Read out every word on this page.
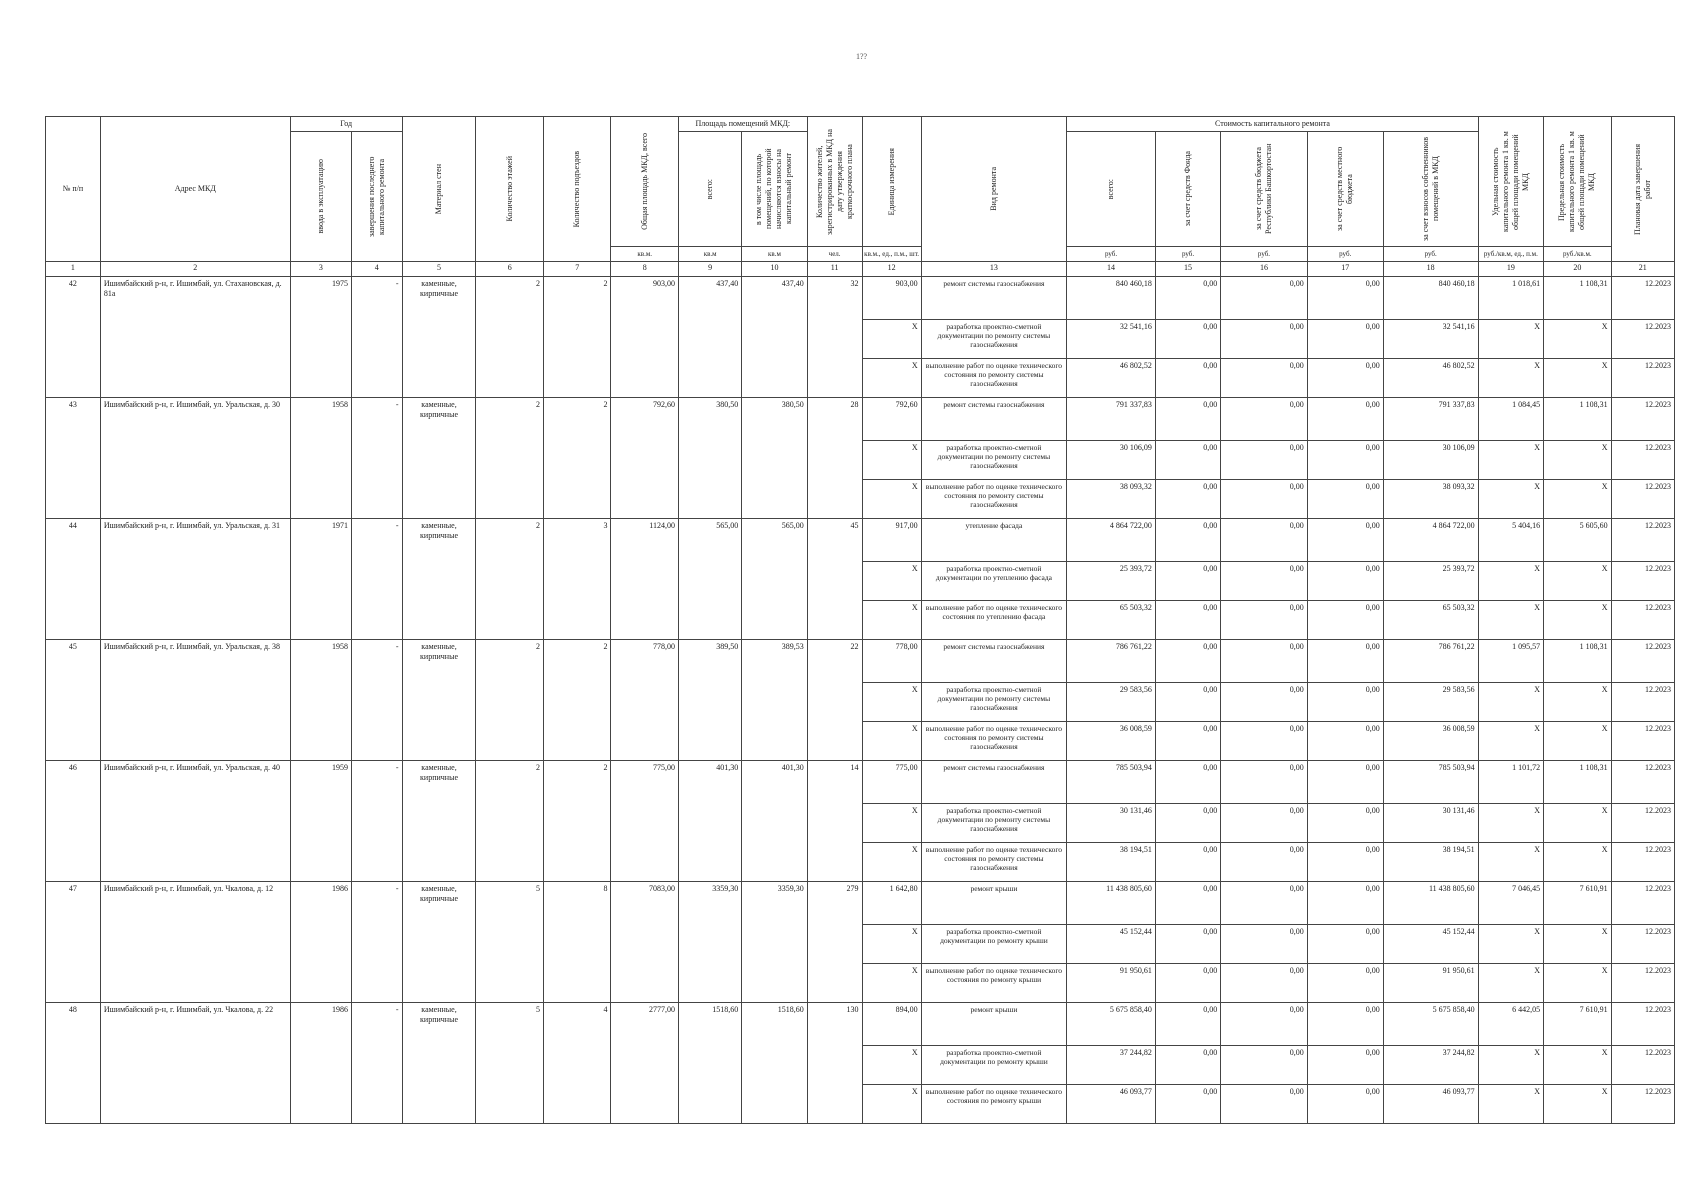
1??
№ п/п	Адрес МКД	Год		Материал стен	Количество этажей	Количество подъездов	Общая площадь МКД, всего	Площадь помещений МКД:		Количество жителей, зарегистрированных в МКД на дату утверждения краткосрочного плана	Единица измерения	Вид ремонта	Стоимость капитального ремонта					Удельная стоимость капитального ремонта 1 кв. м общей площади помещений МКД	Предельная стоимость капитального ремонта 1 кв. м общей площади помещений МКД	Плановая дата завершения работ

		ввода в эксплуатацию	завершения последнего капитального ремонта					всего:	в том числе площадь помещений, по которой начисляются взносы на капитальный ремонт				всего:	за счет средств Фонда	за счет средств бюджета Республики Башкортостан	за счет средств местного бюджета	за счет взносов собственников помещений в МКД			

							кв.м.	кв.м	кв.м	чел.	кв.м., ед., п.м., шт.		руб.	руб.	руб.	руб.	руб.	руб./кв.м, ед., п.м.	руб./кв.м.	
1	2	3	4	5	6	7	8	9	10	11	12	13	14	15	16	17	18	19	20	21
42	Ишимбайский р-н, г. Ишимбай, ул. Стахановская, д. 81а	1975	-	каменные, кирпичные	2	2	903,00	437,40	437,40	32	903,00	ремонт системы газоснабжения	840 460,18	0,00	0,00	0,00	840 460,18	1 018,61	1 108,31	12.2023
											X	разработка проектно-сметной документации по ремонту системы газоснабжения	32 541,16	0,00	0,00	0,00	32 541,16	X	X	12.2023
											X	выполнение работ по оценке технического состояния по ремонту системы газоснабжения	46 802,52	0,00	0,00	0,00	46 802,52	X	X	12.2023
43	Ишимбайский р-н, г. Ишимбай, ул. Уральская, д. 30	1958	-	каменные, кирпичные	2	2	792,60	380,50	380,50	28	792,60	ремонт системы газоснабжения	791 337,83	0,00	0,00	0,00	791 337,83	1 084,45	1 108,31	12.2023
											X	разработка проектно-сметной документации по ремонту системы газоснабжения	30 106,09	0,00	0,00	0,00	30 106,09	X	X	12.2023
											X	выполнение работ по оценке технического состояния по ремонту системы газоснабжения	38 093,32	0,00	0,00	0,00	38 093,32	X	X	12.2023
44	Ишимбайский р-н, г. Ишимбай, ул. Уральская, д. 31	1971	-	каменные, кирпичные	2	3	1124,00	565,00	565,00	45	917,00	утепление фасада	4 864 722,00	0,00	0,00	0,00	4 864 722,00	5 404,16	5 605,60	12.2023
											X	разработка проектно-сметной документации по утеплению фасада	25 393,72	0,00	0,00	0,00	25 393,72	X	X	12.2023
											X	выполнение работ по оценке технического состояния по утеплению фасада	65 503,32	0,00	0,00	0,00	65 503,32	X	X	12.2023
45	Ишимбайский р-н, г. Ишимбай, ул. Уральская, д. 38	1958	-	каменные, кирпичные	2	2	778,00	389,50	389,53	22	778,00	ремонт системы газоснабжения	786 761,22	0,00	0,00	0,00	786 761,22	1 095,57	1 108,31	12.2023
											X	разработка проектно-сметной документации по ремонту системы газоснабжения	29 583,56	0,00	0,00	0,00	29 583,56	X	X	12.2023
											X	выполнение работ по оценке технического состояния по ремонту системы газоснабжения	36 008,59	0,00	0,00	0,00	36 008,59	X	X	12.2023
46	Ишимбайский р-н, г. Ишимбай, ул. Уральская, д. 40	1959	-	каменные, кирпичные	2	2	775,00	401,30	401,30	14	775,00	ремонт системы газоснабжения	785 503,94	0,00	0,00	0,00	785 503,94	1 101,72	1 108,31	12.2023
											X	разработка проектно-сметной документации по ремонту системы газоснабжения	30 131,46	0,00	0,00	0,00	30 131,46	X	X	12.2023
											X	выполнение работ по оценке технического состояния по ремонту системы газоснабжения	38 194,51	0,00	0,00	0,00	38 194,51	X	X	12.2023
47	Ишимбайский р-н, г. Ишимбай, ул. Чкалова, д. 12	1986	-	каменные, кирпичные	5	8	7083,00	3359,30	3359,30	279	1 642,80	ремонт крыши	11 438 805,60	0,00	0,00	0,00	11 438 805,60	7 046,45	7 610,91	12.2023
											X	разработка проектно-сметной документации по ремонту крыши	45 152,44	0,00	0,00	0,00	45 152,44	X	X	12.2023
											X	выполнение работ по оценке технического состояния по ремонту крыши	91 950,61	0,00	0,00	0,00	91 950,61	X	X	12.2023
48	Ишимбайский р-н, г. Ишимбай, ул. Чкалова, д. 22	1986	-	каменные, кирпичные	5	4	2777,00	1518,60	1518,60	130	894,00	ремонт крыши	5 675 858,40	0,00	0,00	0,00	5 675 858,40	6 442,05	7 610,91	12.2023
											X	разработка проектно-сметной документации по ремонту крыши	37 244,82	0,00	0,00	0,00	37 244,82	X	X	12.2023
											X	выполнение работ по оценке технического состояния по ремонту крыши	46 093,77	0,00	0,00	0,00	46 093,77	X	X	12.2023
